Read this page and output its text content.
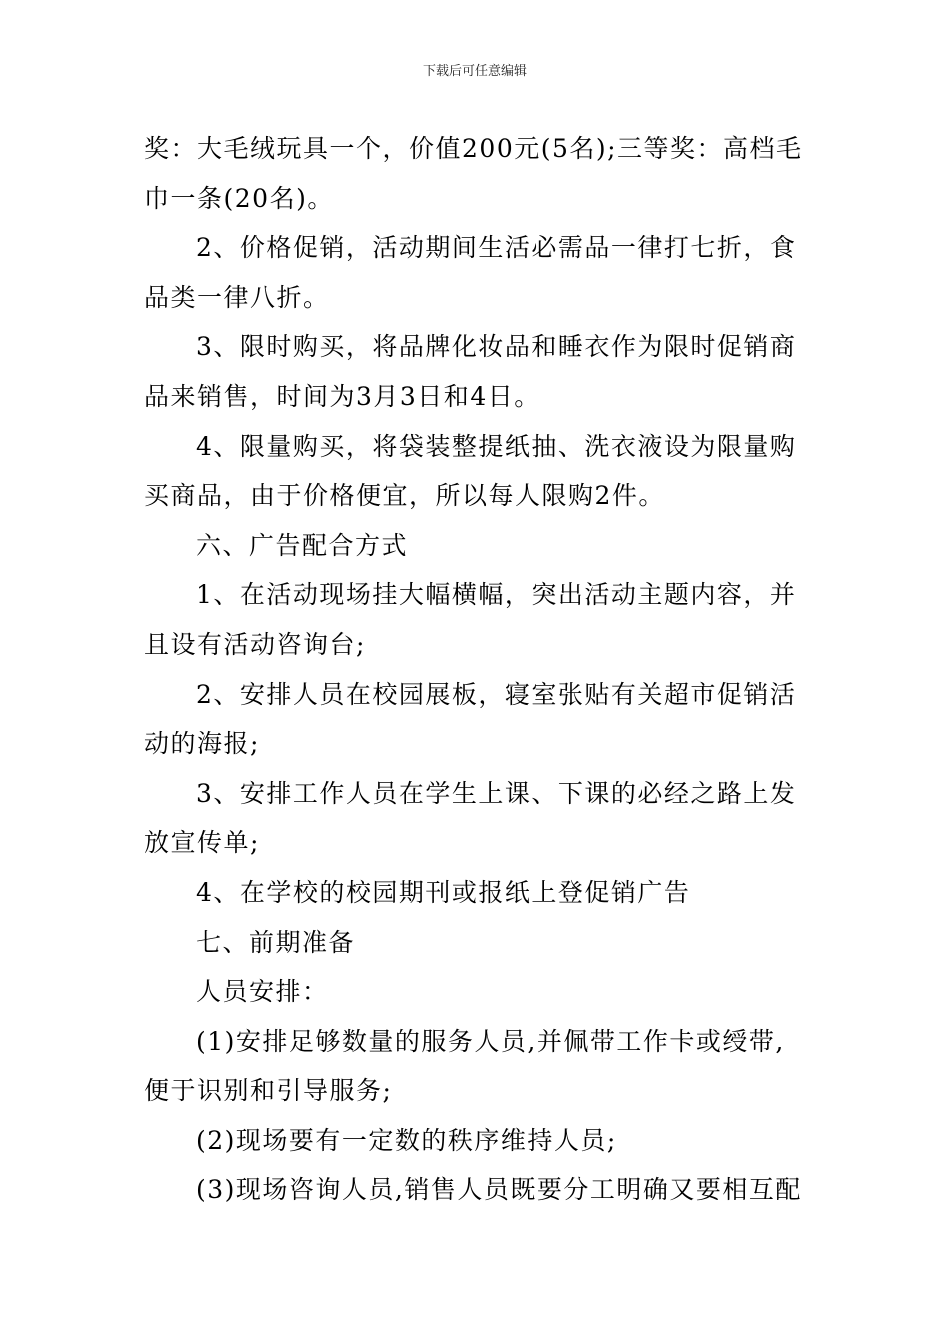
下载后可任意编辑

奖：大毛绒玩具一个，价值200元(5名);三等奖：高档毛巾一条(20名)。

2、价格促销，活动期间生活必需品一律打七折，食品类一律八折。

3、限时购买，将品牌化妆品和睡衣作为限时促销商品来销售，时间为3月3日和4日。

4、限量购买，将袋装整提纸抽、洗衣液设为限量购买商品，由于价格便宜，所以每人限购2件。

六、广告配合方式

1、在活动现场挂大幅横幅，突出活动主题内容，并且设有活动咨询台;

2、安排人员在校园展板，寝室张贴有关超市促销活动的海报;

3、安排工作人员在学生上课、下课的必经之路上发放宣传单;

4、在学校的校园期刊或报纸上登促销广告

七、前期准备

人员安排：

(1)安排足够数量的服务人员,并佩带工作卡或绶带,便于识别和引导服务;

(2)现场要有一定数的秩序维持人员;

(3)现场咨询人员,销售人员既要分工明确又要相互配
